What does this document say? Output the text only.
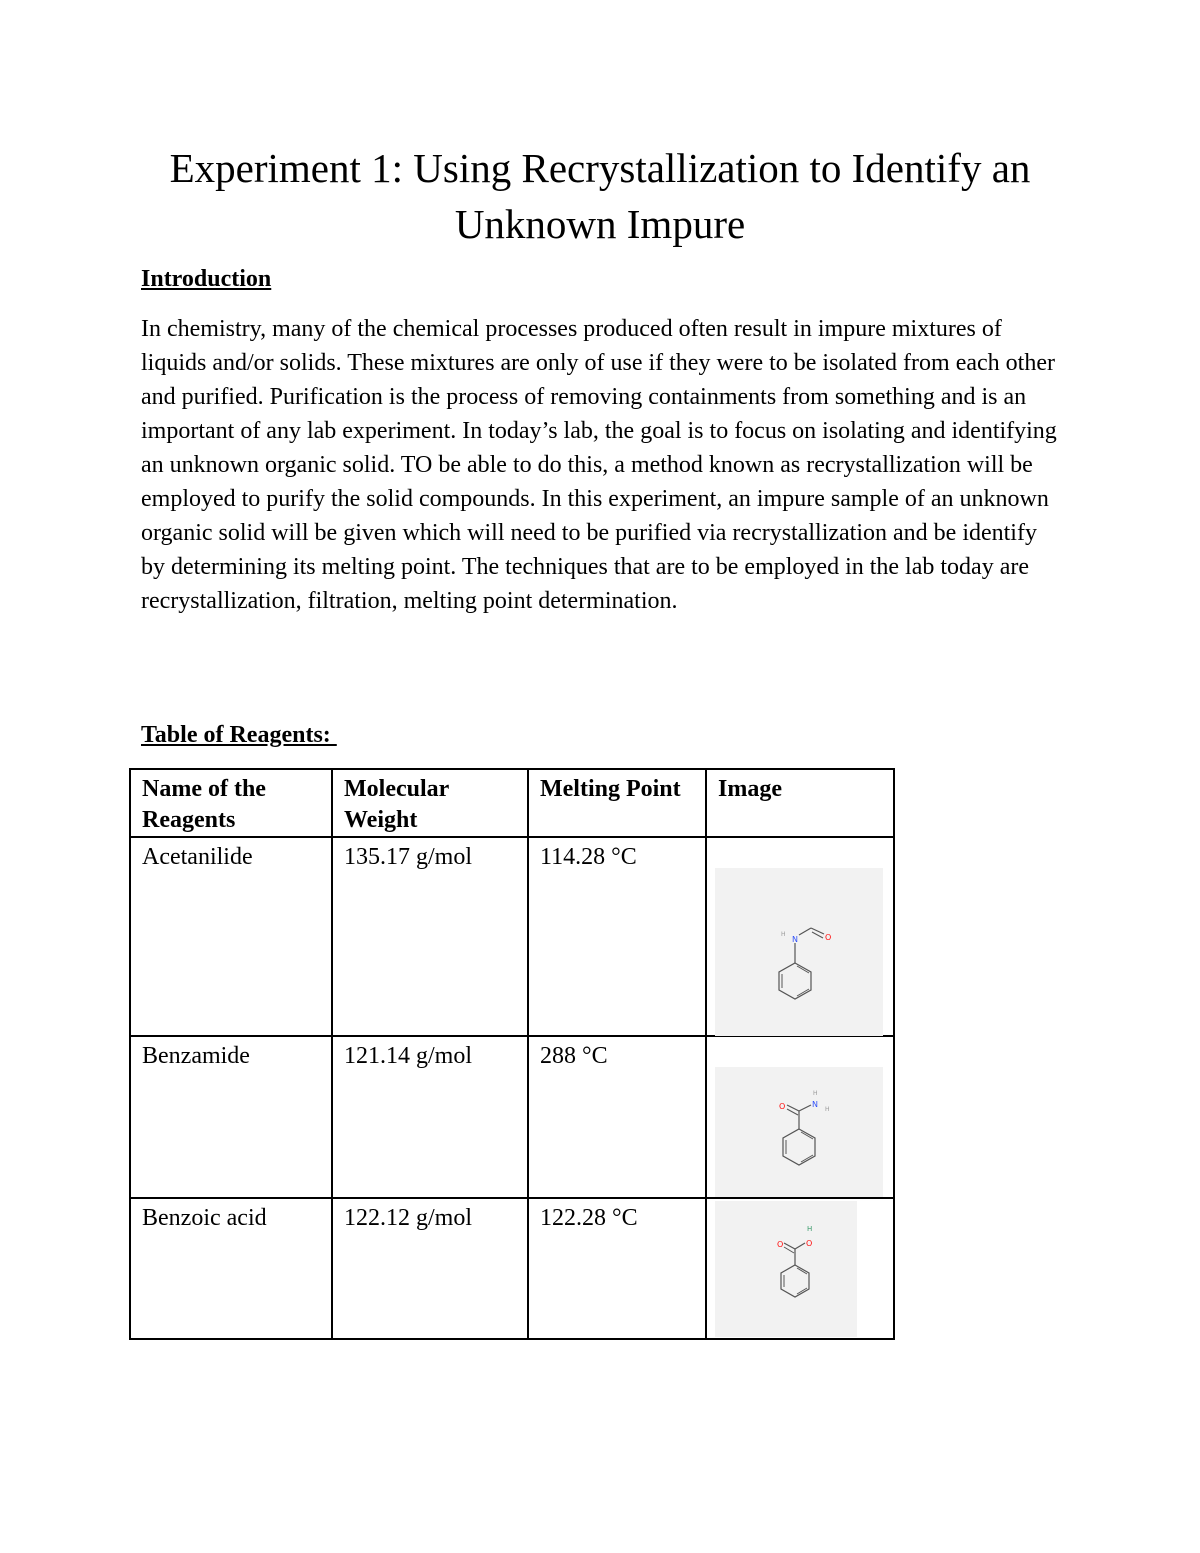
Experiment 1: Using Recrystallization to Identify an Unknown Impure
Introduction

In chemistry, many of the chemical processes produced often result in impure mixtures of liquids and/or solids. These mixtures are only of use if they were to be isolated from each other and purified. Purification is the process of removing containments from something and is an important of any lab experiment. In today’s lab, the goal is to focus on isolating and identifying an unknown organic solid. TO be able to do this, a method known as recrystallization will be employed to purify the solid compounds. In this experiment, an impure sample of an unknown organic solid will be given which will need to be purified via recrystallization and be identify by determining its melting point. The techniques that are to be employed in the lab today are recrystallization, filtration, melting point determination.

Table of Reagents:
Name of the Reagents	Molecular Weight	Melting Point	Image
Acetanilide	135.17 g/mol	114.28 °C	N
H O

Benzamide	121.14 g/mol	288 °C	O N
H
H

Benzoic acid	122.12 g/mol	122.28 °C	O O
H
